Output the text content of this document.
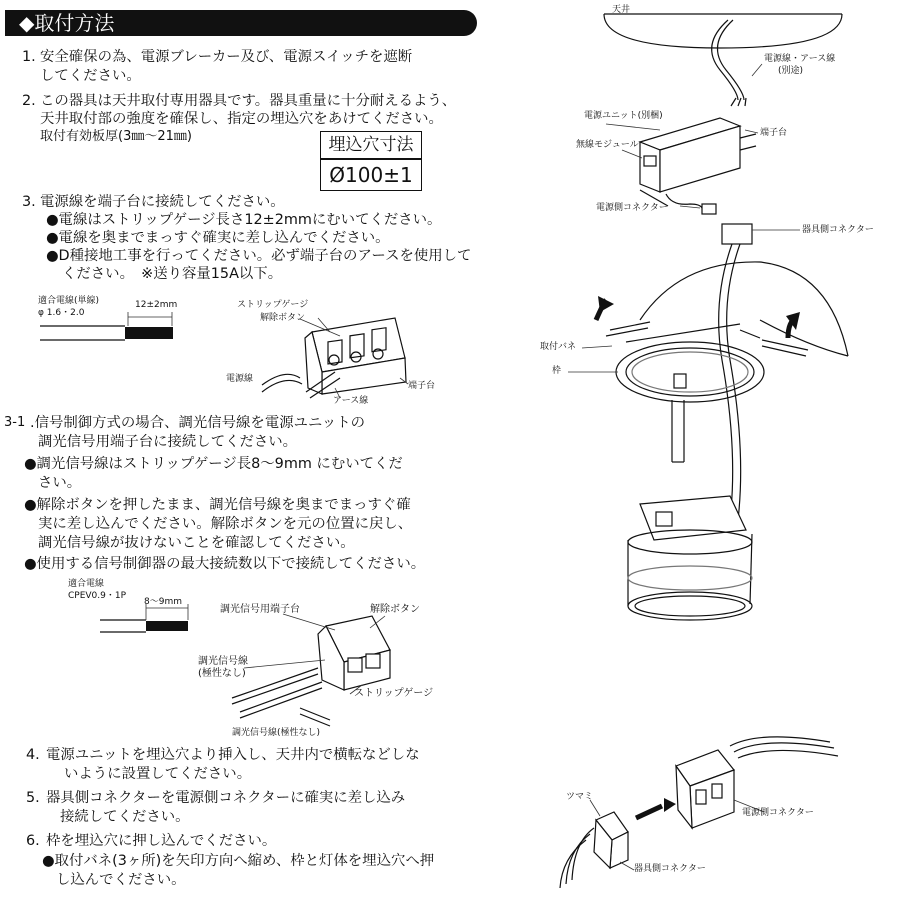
◆取付方法
1. 安全確保の為、電源ブレーカー及び、電源スイッチを遮断
してください。
2. この器具は天井取付専用器具です。器具重量に十分耐えるよう、
天井取付部の強度を確保し、指定の埋込穴をあけてください。
取付有効板厚(3㎜～21㎜)	埋込穴寸法
Ø100±1
3. 電源線を端子台に接続してください。
●電線はストリップゲージ長さ12±2mmにむいてください。
●電線を奥までまっすぐ確実に差し込んでください。
●D種接地工事を行ってください。必ず端子台のアースを使用して
ください。　※送り容量15A以下。
適合電線(単線)
φ 1.6・2.0
12±2mm	ストリップゲージ
解除ボタン
電源線
アース線
端子台
3-1 .信号制御方式の場合、調光信号線を電源ユニットの
調光信号用端子台に接続してください。
●調光信号線はストリップゲージ長8～9mm にむいてくだ
さい。
●解除ボタンを押したまま、調光信号線を奥までまっすぐ確
実に差し込んでください。解除ボタンを元の位置に戻し、
調光信号線が抜けないことを確認してください。
●使用する信号制御器の最大接続数以下で接続してください。
適合電線
CPEV0.9・1P
8～9mm
調光信号用端子台	解除ボタン
調光信号線
(極性なし)
ストリップゲージ
調光信号線(極性なし)
4. 電源ユニットを埋込穴より挿入し、天井内で横転などしな
いように設置してください。
5. 器具側コネクターを電源側コネクターに確実に差し込み
接続してください。
6. 枠を埋込穴に押し込んでください。
●取付バネ(3ヶ所)を矢印方向へ縮め、枠と灯体を埋込穴へ押
し込んでください。
天井
電源線・アース線
(別途)
電源ユニット(別梱)
無線モジュール
端子台
電源側コネクター
器具側コネクター
取付バネ
枠
ツマミ
電源側コネクター
器具側コネクター
